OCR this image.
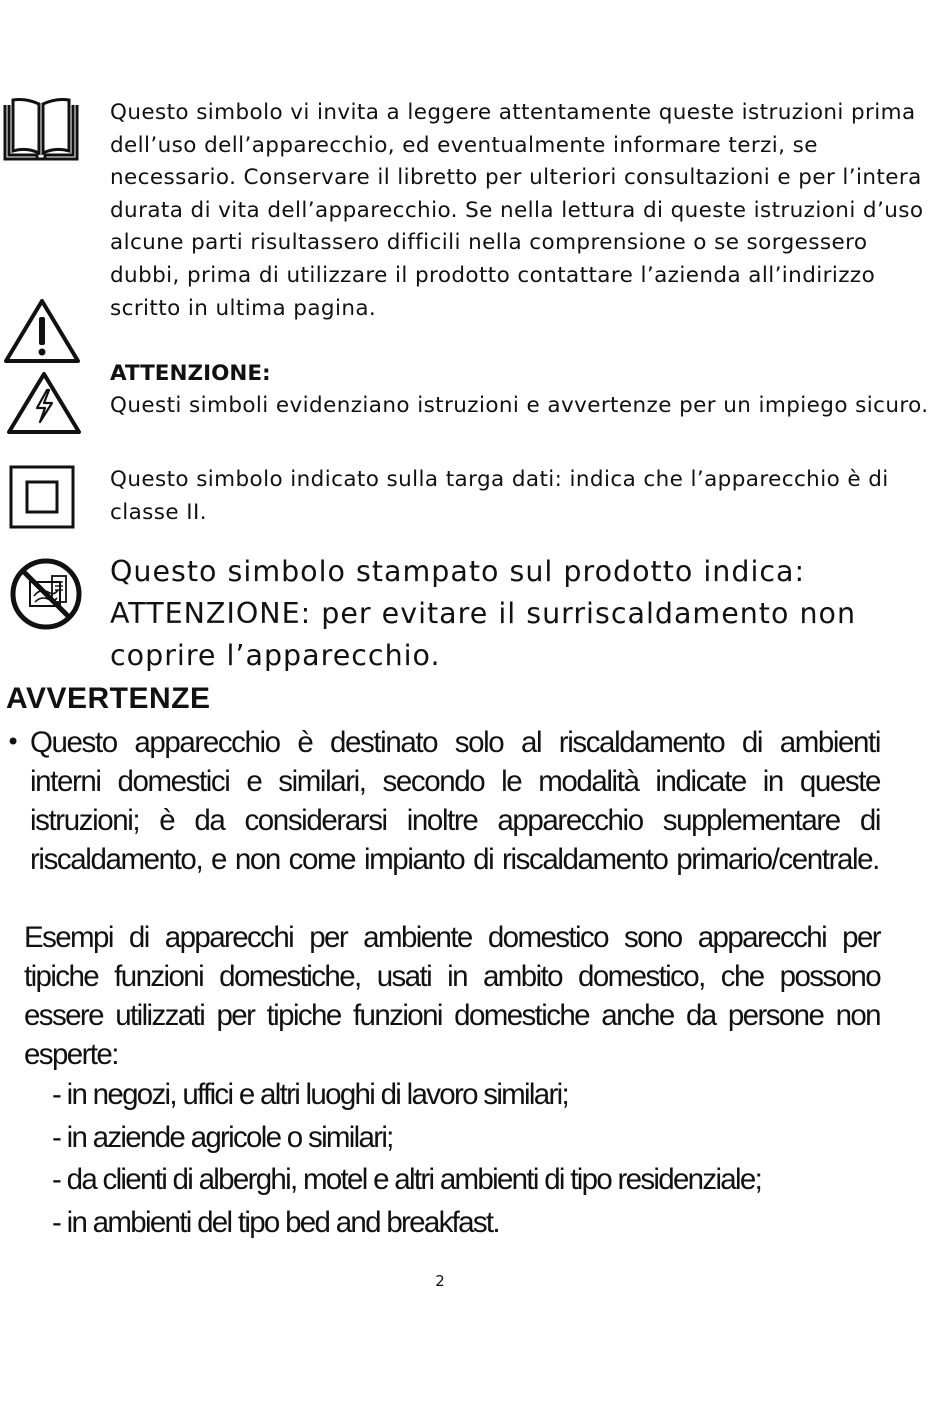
Questo simbolo vi invita a leggere attentamente queste istruzioni prima dell’uso dell’apparecchio, ed eventualmente informare terzi, se necessario. Conservare il libretto per ulteriori consultazioni e per l’intera durata di vita dell’apparecchio. Se nella lettura di queste istruzioni d’uso alcune parti risultassero difficili nella comprensione o se sorgessero dubbi, prima di utilizzare il prodotto contattare l’azienda all’indirizzo scritto in ultima pagina.

ATTENZIONE:

Questi simboli evidenziano istruzioni e avvertenze per un impiego sicuro.

Questo simbolo indicato sulla targa dati: indica che l’apparecchio è di classe II.

Questo simbolo stampato sul prodotto indica: ATTENZIONE: per evitare il surriscaldamento non coprire l’apparecchio.

AVVERTENZE
• Questo apparecchio è destinato solo al riscaldamento di ambienti interni domestici e similari, secondo le modalità indicate in queste istruzioni; è da considerarsi inoltre apparecchio supplementare di riscaldamento, e non come impianto di riscaldamento primario/centrale.

Esempi di apparecchi per ambiente domestico sono apparecchi per tipiche funzioni domestiche, usati in ambito domestico, che possono essere utilizzati per tipiche funzioni domestiche anche da persone non esperte:

- in negozi, uffici e altri luoghi di lavoro similari;
- in aziende agricole o similari;
- da clienti di alberghi, motel e altri ambienti di tipo residenziale;
- in ambienti del tipo bed and breakfast.
2
